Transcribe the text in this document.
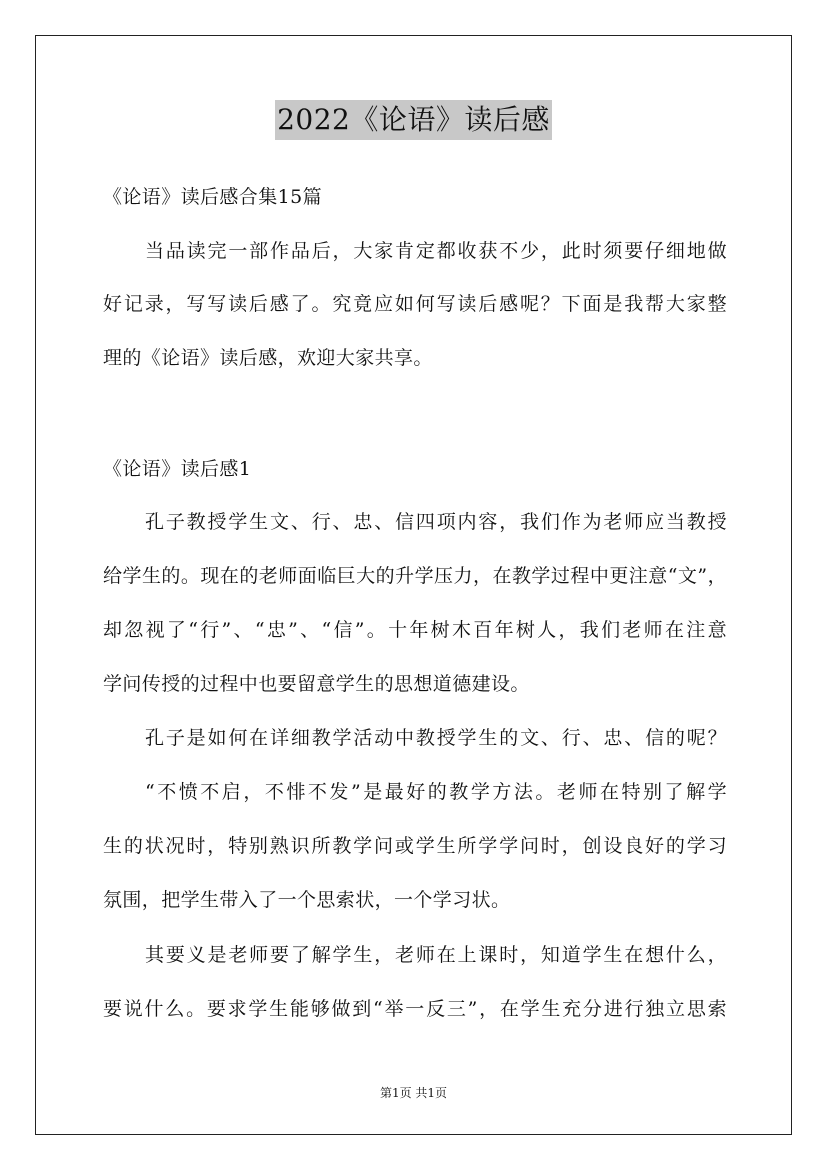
2022《论语》读后感
《论语》读后感合集15篇
当品读完一部作品后，大家肯定都收获不少，此时须要仔细地做
好记录，写写读后感了。究竟应如何写读后感呢？下面是我帮大家整
理的《论语》读后感，欢迎大家共享。
《论语》读后感1
孔子教授学生文、行、忠、信四项内容，我们作为老师应当教授
给学生的。现在的老师面临巨大的升学压力，在教学过程中更注意“文”，
却忽视了“行”、“忠”、“信”。十年树木百年树人，我们老师在注意
学问传授的过程中也要留意学生的思想道德建设。
孔子是如何在详细教学活动中教授学生的文、行、忠、信的呢？
“不愤不启，不悱不发”是最好的教学方法。老师在特别了解学
生的状况时，特别熟识所教学问或学生所学学问时，创设良好的学习
氛围，把学生带入了一个思索状，一个学习状。
其要义是老师要了解学生，老师在上课时，知道学生在想什么，
要说什么。要求学生能够做到“举一反三”，在学生充分进行独立思索
第1页 共1页
